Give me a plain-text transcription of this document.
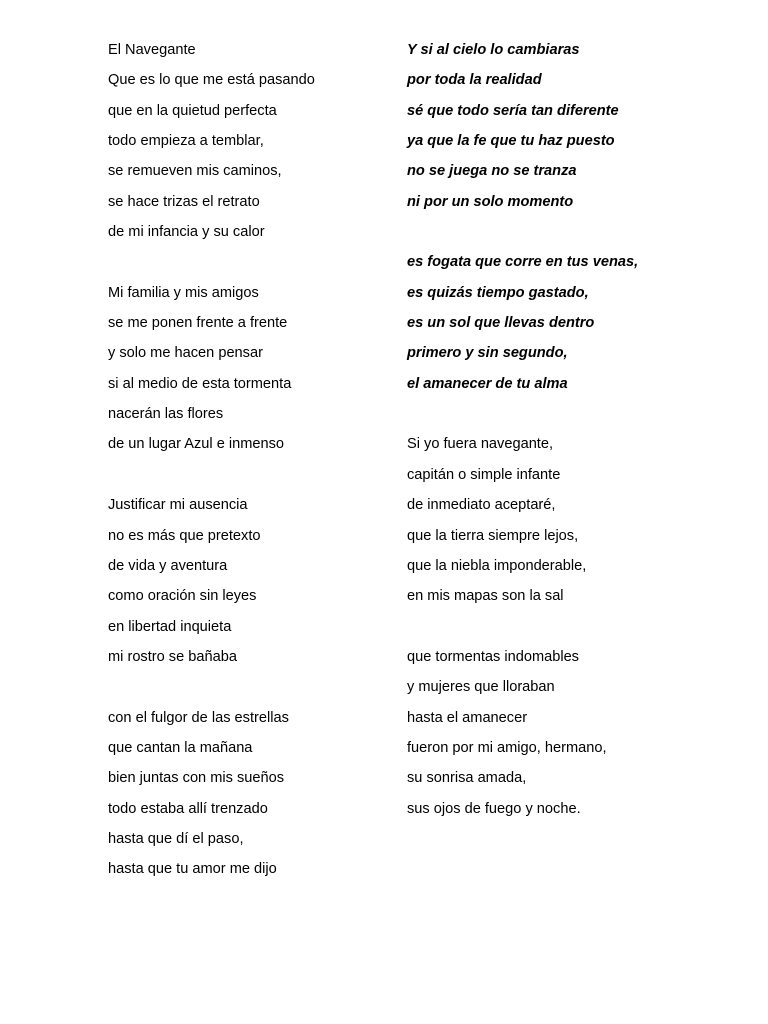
El Navegante
Que es lo que me está pasando
que en la quietud perfecta
todo empieza a temblar,
se remueven mis caminos,
se hace trizas el retrato
de mi infancia y su calor
Mi familia y mis amigos
se me ponen frente a frente
y solo me hacen pensar
si al medio de esta tormenta
nacerán las flores
de un lugar Azul e inmenso
Justificar mi ausencia
no es más que pretexto
de vida y aventura
como oración sin leyes
en libertad inquieta
mi rostro se bañaba
con el fulgor de las estrellas
que cantan la mañana
bien juntas con mis sueños
todo estaba allí trenzado
hasta que dí el paso,
hasta que tu amor me dijo
Y si al cielo lo cambiaras
por toda la realidad
sé que todo sería tan diferente
ya que la fe que tu haz puesto
no se juega no se tranza
ni por un solo momento
es fogata que corre en tus venas,
es quizás tiempo gastado,
es un sol que llevas dentro
primero y sin segundo,
el amanecer de tu alma
Si yo fuera navegante,
capitán o simple infante
de inmediato aceptaré,
que la tierra siempre lejos,
que la niebla imponderable,
en mis mapas son la sal
que tormentas indomables
y mujeres que lloraban
hasta el amanecer
fueron por mi amigo, hermano,
su sonrisa amada,
sus ojos de fuego y noche.
